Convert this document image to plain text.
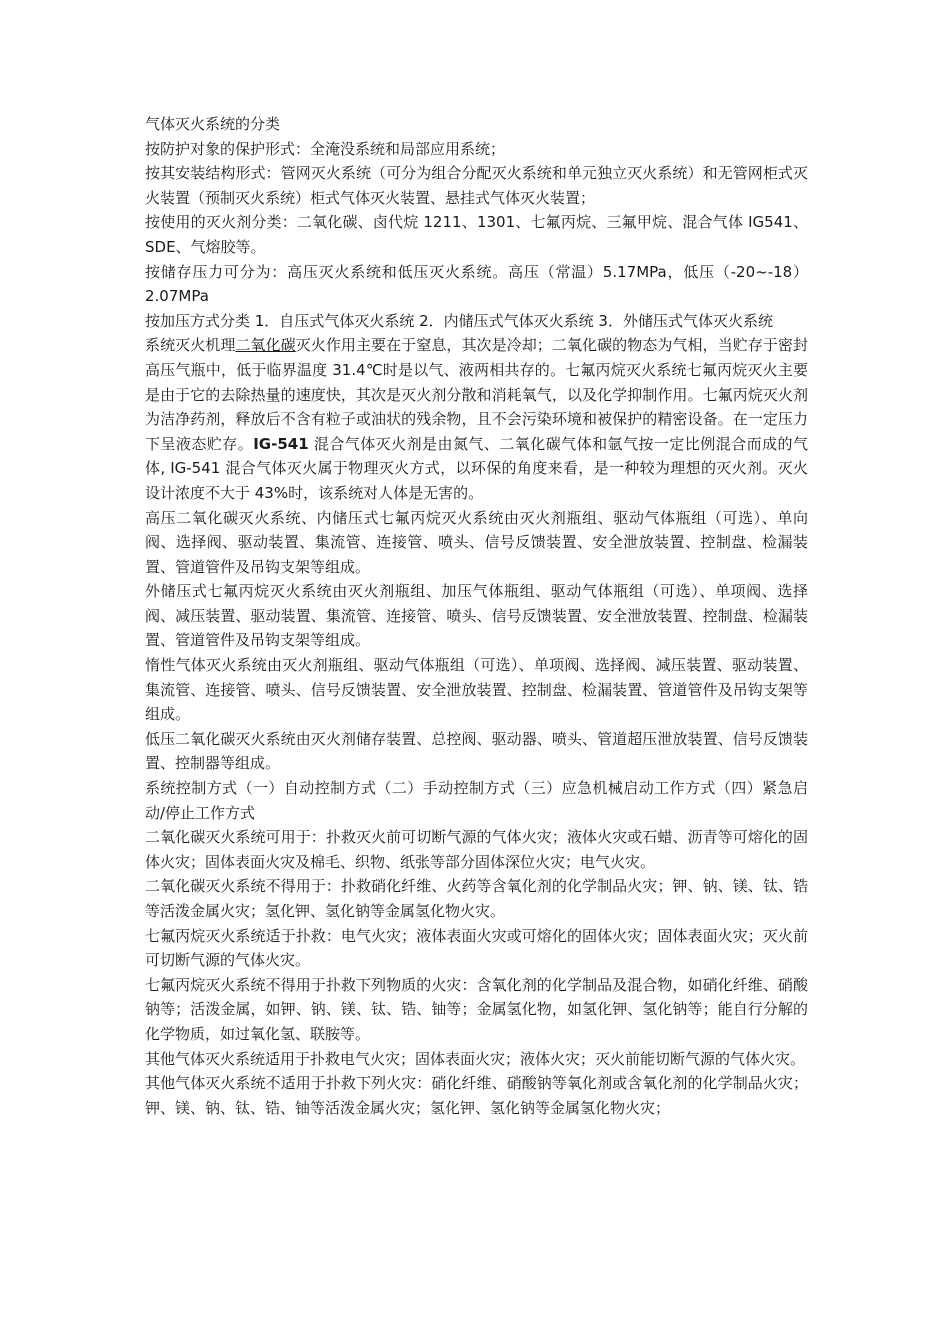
气体灭火系统的分类

按防护对象的保护形式：全淹没系统和局部应用系统；

按其安装结构形式：管网灭火系统（可分为组合分配灭火系统和单元独立灭火系统）和无管网柜式灭火装置（预制灭火系统）柜式气体灭火装置、悬挂式气体灭火装置；

按使用的灭火剂分类：二氧化碳、卤代烷 1211、1301、七氟丙烷、三氟甲烷、混合气体 IG541、SDE、气熔胶等。

按储存压力可分为：高压灭火系统和低压灭火系统。高压（常温）5.17MPa，低压（-20~-18）2.07MPa

按加压方式分类 1．自压式气体灭火系统 2．内储压式气体灭火系统 3．外储压式气体灭火系统

系统灭火机理二氧化碳灭火作用主要在于窒息，其次是冷却；二氧化碳的物态为气相，当贮存于密封高压气瓶中，低于临界温度 31.4℃时是以气、液两相共存的。七氟丙烷灭火系统七氟丙烷灭火主要是由于它的去除热量的速度快，其次是灭火剂分散和消耗氧气，以及化学抑制作用。七氟丙烷灭火剂为洁净药剂，释放后不含有粒子或油状的残余物，且不会污染环境和被保护的精密设备。在一定压力下呈液态贮存。IG-541 混合气体灭火剂是由氮气、二氧化碳气体和氩气按一定比例混合而成的气体, IG-541 混合气体灭火属于物理灭火方式，以环保的角度来看，是一种较为理想的灭火剂。灭火设计浓度不大于 43%时，该系统对人体是无害的。

高压二氧化碳灭火系统、内储压式七氟丙烷灭火系统由灭火剂瓶组、驱动气体瓶组（可选）、单向阀、选择阀、驱动装置、集流管、连接管、喷头、信号反馈装置、安全泄放装置、控制盘、检漏装置、管道管件及吊钩支架等组成。

外储压式七氟丙烷灭火系统由灭火剂瓶组、加压气体瓶组、驱动气体瓶组（可选）、单项阀、选择阀、减压装置、驱动装置、集流管、连接管、喷头、信号反馈装置、安全泄放装置、控制盘、检漏装置、管道管件及吊钩支架等组成。

惰性气体灭火系统由灭火剂瓶组、驱动气体瓶组（可选）、单项阀、选择阀、减压装置、驱动装置、集流管、连接管、喷头、信号反馈装置、安全泄放装置、控制盘、检漏装置、管道管件及吊钩支架等组成。

低压二氧化碳灭火系统由灭火剂储存装置、总控阀、驱动器、喷头、管道超压泄放装置、信号反馈装置、控制器等组成。

系统控制方式（一）自动控制方式（二）手动控制方式（三）应急机械启动工作方式（四）紧急启动/停止工作方式

二氧化碳灭火系统可用于：扑救灭火前可切断气源的气体火灾；液体火灾或石蜡、沥青等可熔化的固体火灾；固体表面火灾及棉毛、织物、纸张等部分固体深位火灾；电气火灾。

二氧化碳灭火系统不得用于：扑救硝化纤维、火药等含氧化剂的化学制品火灾；钾、钠、镁、钛、锆等活泼金属火灾；氢化钾、氢化钠等金属氢化物火灾。

七氟丙烷灭火系统适于扑救：电气火灾；液体表面火灾或可熔化的固体火灾；固体表面火灾；灭火前可切断气源的气体火灾。

七氟丙烷灭火系统不得用于扑救下列物质的火灾：含氧化剂的化学制品及混合物，如硝化纤维、硝酸钠等；活泼金属，如钾、钠、镁、钛、锆、铀等；金属氢化物，如氢化钾、氢化钠等；能自行分解的化学物质，如过氧化氢、联胺等。

其他气体灭火系统适用于扑救电气火灾；固体表面火灾；液体火灾；灭火前能切断气源的气体火灾。

其他气体灭火系统不适用于扑救下列火灾：硝化纤维、硝酸钠等氧化剂或含氧化剂的化学制品火灾；钾、镁、钠、钛、锆、铀等活泼金属火灾；氢化钾、氢化钠等金属氢化物火灾；
